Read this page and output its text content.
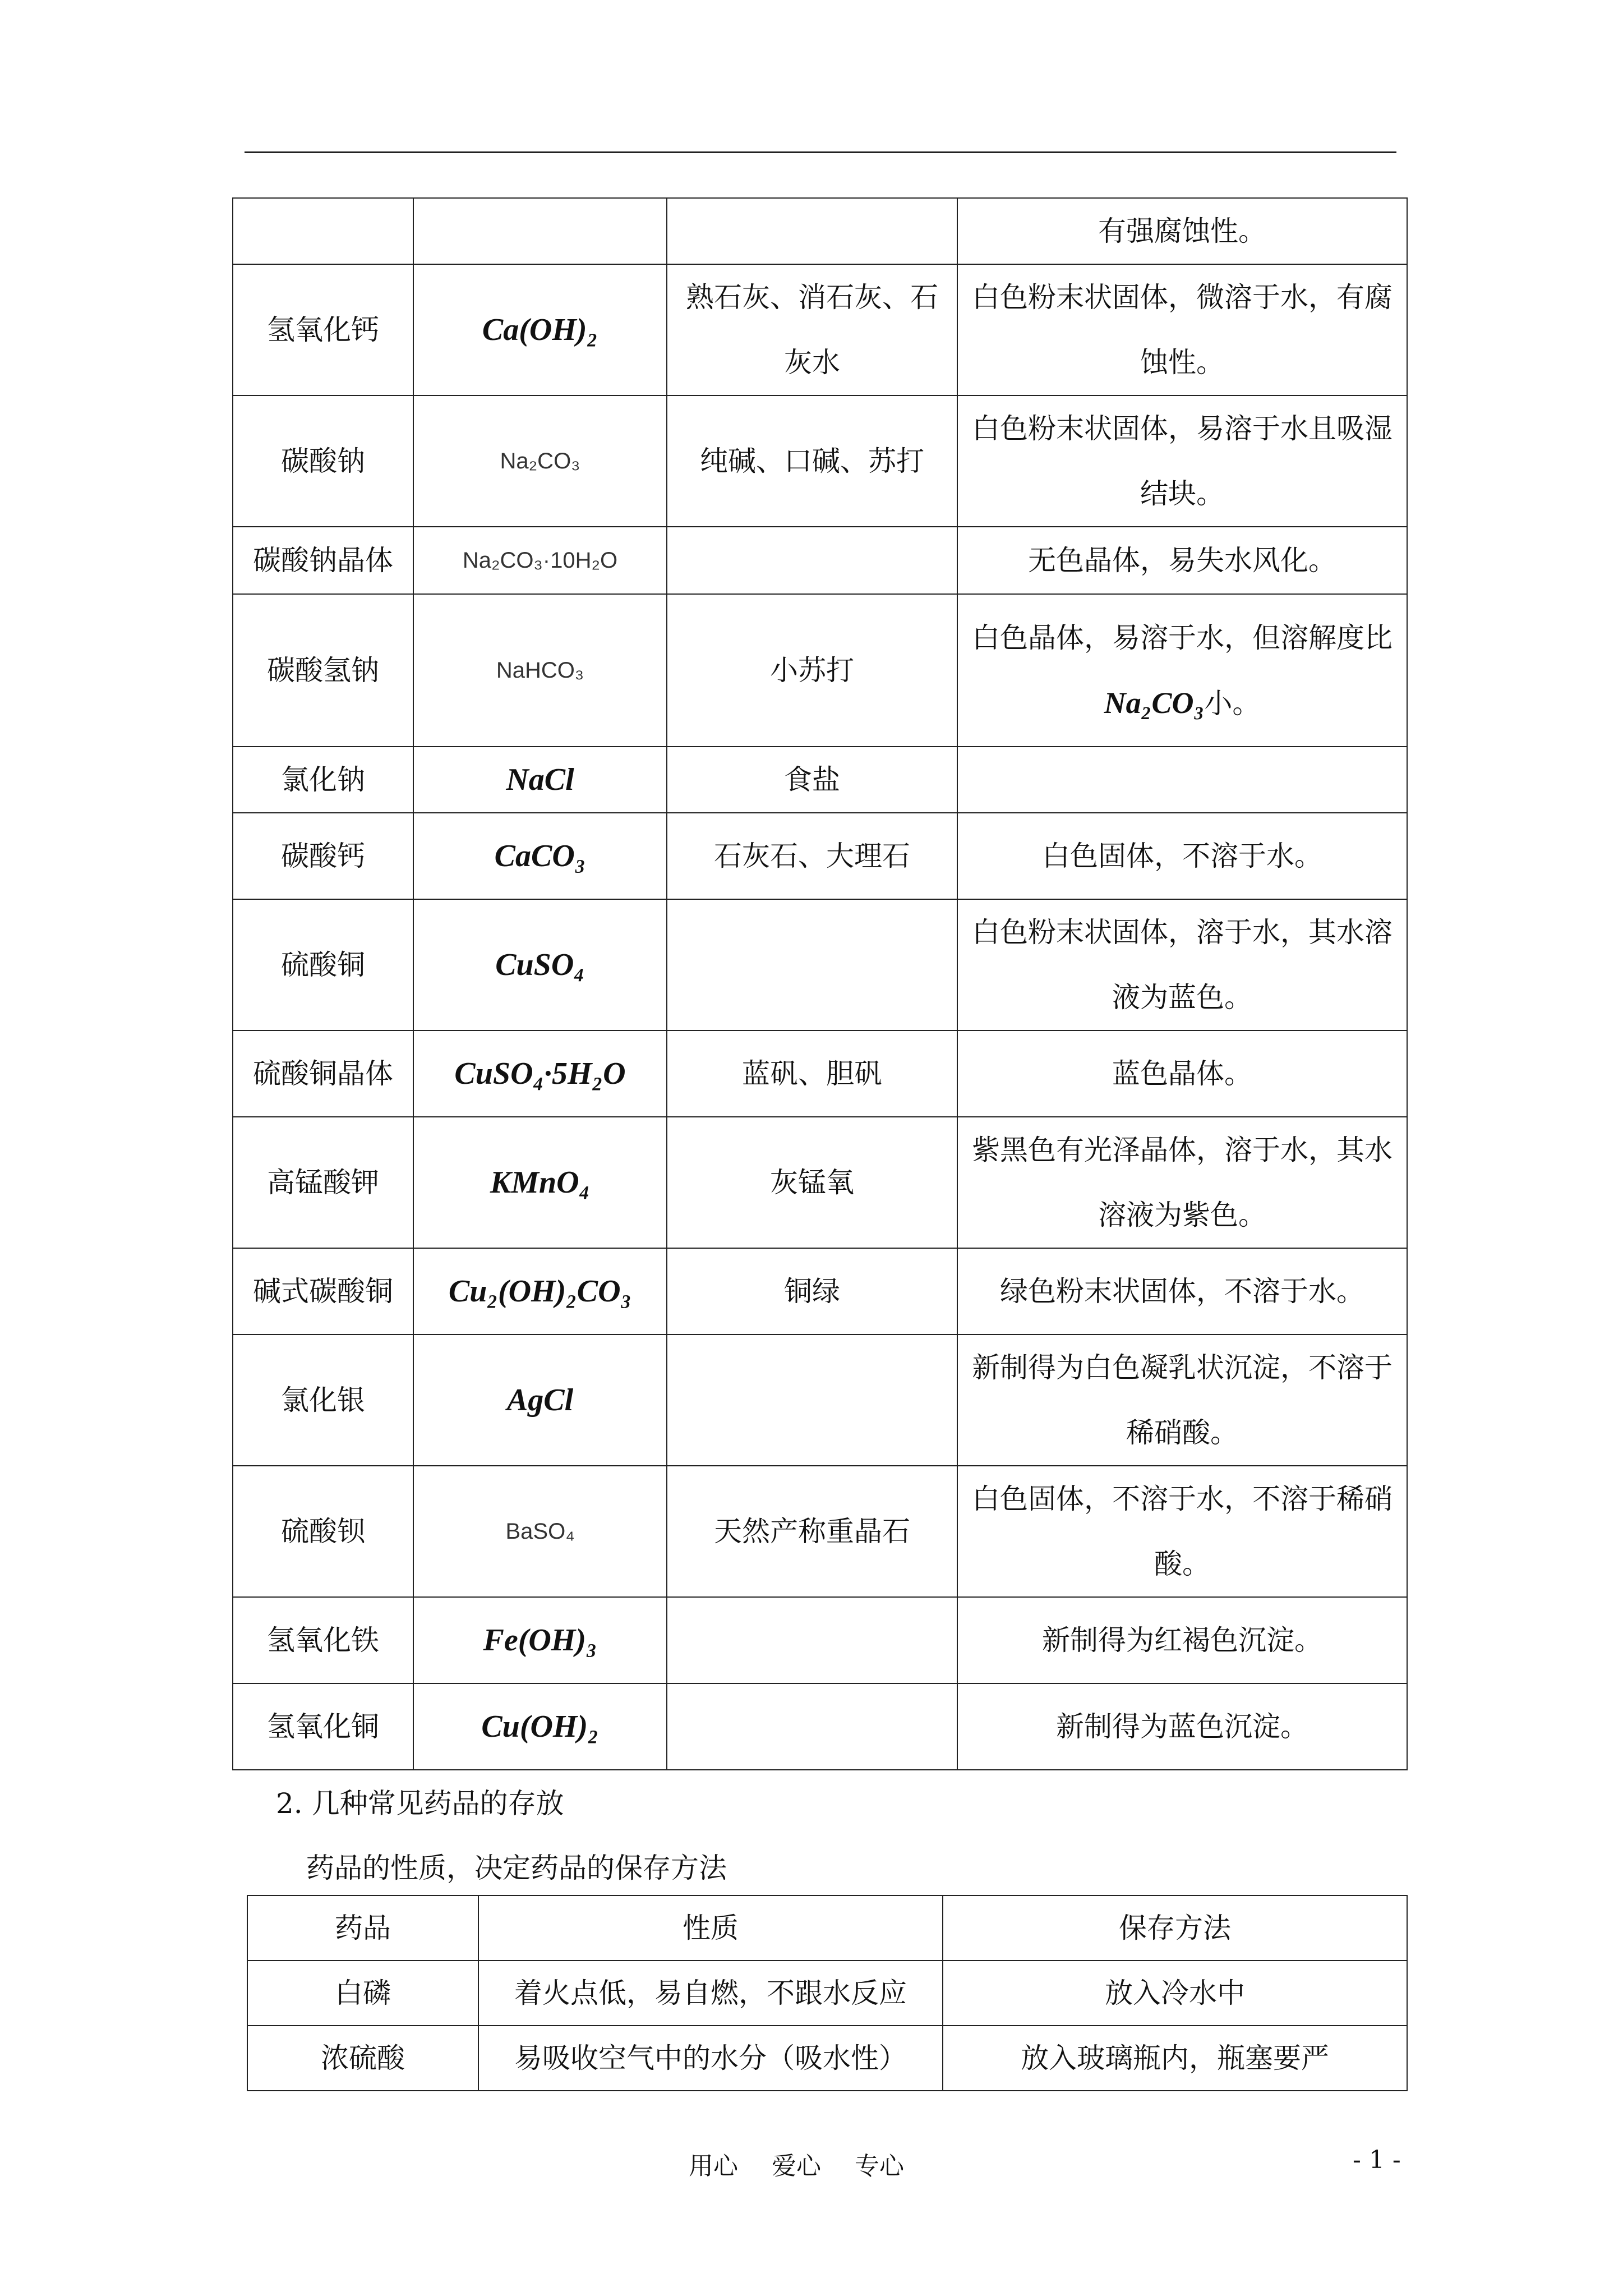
			有强腐蚀性。
氢氧化钙	Ca(OH)₂	熟石灰、消石灰、石灰水	白色粉末状固体，微溶于水，有腐蚀性。
碳酸钠	Na₂CO₃	纯碱、口碱、苏打	白色粉末状固体，易溶于水且吸湿结块。
碳酸钠晶体	Na₂CO₃·10H₂O		无色晶体，易失水风化。
碳酸氢钠	NaHCO₃	小苏打	白色晶体，易溶于水，但溶解度比Na₂CO₃小。
氯化钠	NaCl	食盐	
碳酸钙	CaCO₃	石灰石、大理石	白色固体，不溶于水。
硫酸铜	CuSO₄		白色粉末状固体，溶于水，其水溶液为蓝色。
硫酸铜晶体	CuSO₄·5H₂O	蓝矾、胆矾	蓝色晶体。
高锰酸钾	KMnO₄	灰锰氧	紫黑色有光泽晶体，溶于水，其水溶液为紫色。
碱式碳酸铜	Cu₂(OH)₂CO₃	铜绿	绿色粉末状固体，不溶于水。
氯化银	AgCl		新制得为白色凝乳状沉淀，不溶于稀硝酸。
硫酸钡	BaSO₄	天然产称重晶石	白色固体，不溶于水，不溶于稀硝酸。
氢氧化铁	Fe(OH)₃		新制得为红褐色沉淀。
氢氧化铜	Cu(OH)₂		新制得为蓝色沉淀。
2. 几种常见药品的存放
药品的性质，决定药品的保存方法
药品	性质	保存方法
白磷	着火点低，易自燃，不跟水反应	放入冷水中
浓硫酸	易吸收空气中的水分（吸水性）	放入玻璃瓶内，瓶塞要严
用心 爱心 专心	- 1 -
